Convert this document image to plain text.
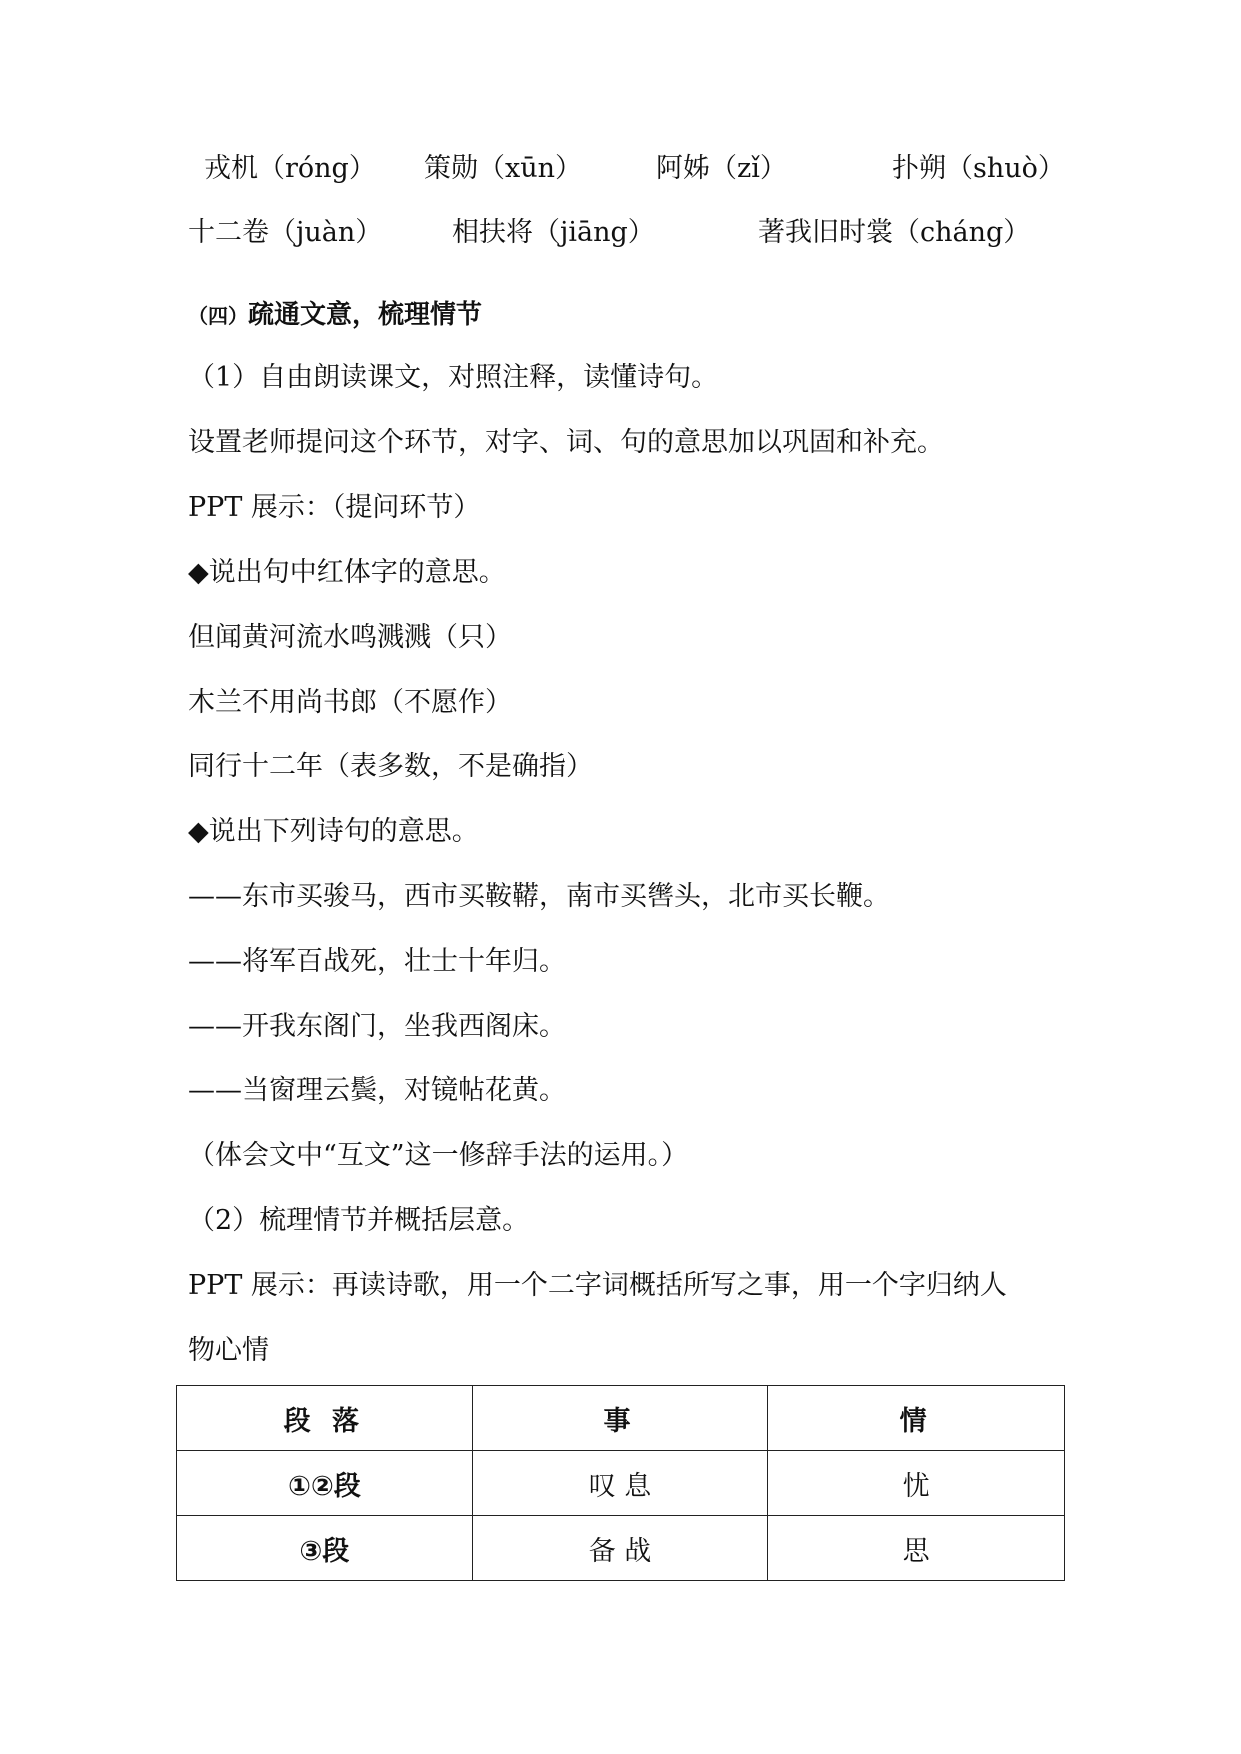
戎机（róng） 策勋（xūn）	阿姊（zǐ）	扑朔（shuò）
十二卷（juàn）	相扶将（jiāng）	著我旧时裳（cháng）
（四）疏通文意，梳理情节
（1）自由朗读课文，对照注释，读懂诗句。
设置老师提问这个环节，对字、词、句的意思加以巩固和补充。
PPT 展示：（提问环节）
◆说出句中红体字的意思。
但闻黄河流水鸣溅溅（只）
木兰不用尚书郎（不愿作）
同行十二年（表多数，不是确指）
◆说出下列诗句的意思。
——东市买骏马，西市买鞍鞯，南市买辔头，北市买长鞭。
——将军百战死，壮士十年归。
——开我东阁门，坐我西阁床。
——当窗理云鬓，对镜帖花黄。
（体会文中“互文”这一修辞手法的运用。）
（2）梳理情节并概括层意。
PPT 展示：再读诗歌，用一个二字词概括所写之事，用一个字归纳人
物心情
段 落	事	情
①②段	叹 息	忧
③段	备 战	思
